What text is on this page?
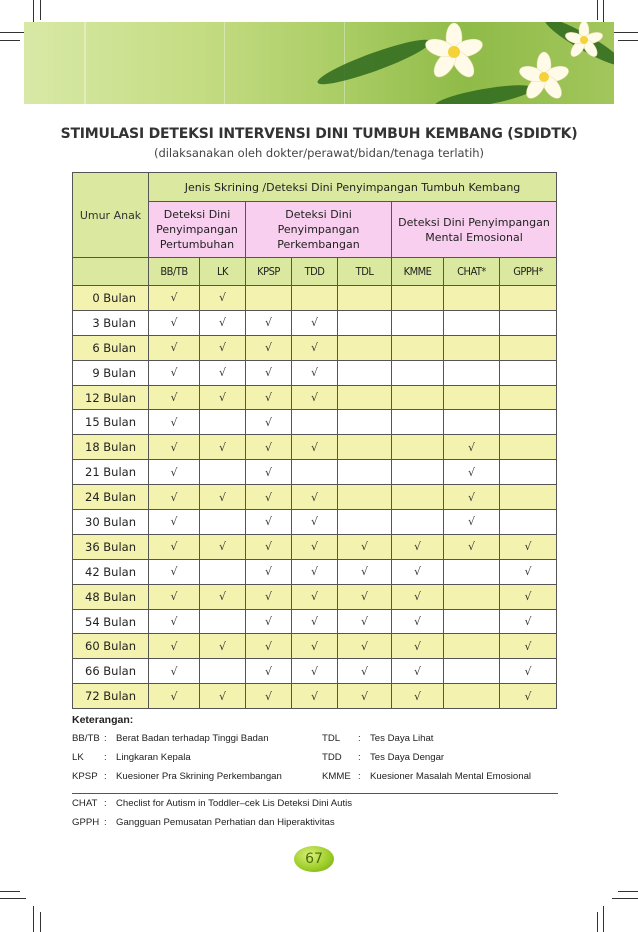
STIMULASI DETEKSI INTERVENSI DINI TUMBUH KEMBANG (SDIDTK)
(dilaksanakan oleh dokter/perawat/bidan/tenaga terlatih)
Umur Anak	Jenis Skrining /Deteksi Dini Penyimpangan Tumbuh Kembang							
	Deteksi Dini Penyimpangan Pertumbuhan		Deteksi Dini Penyimpangan Perkembangan			Deteksi Dini Penyimpangan Mental Emosional		
	BB/TB	LK	KPSP	TDD	TDL	KMME	CHAT*	GPPH*
0 Bulan	√	√						
3 Bulan	√	√	√	√				
6 Bulan	√	√	√	√				
9 Bulan	√	√	√	√				
12 Bulan	√	√	√	√				
15 Bulan	√		√					
18 Bulan	√	√	√	√			√	
21 Bulan	√		√				√	
24 Bulan	√	√	√	√			√	
30 Bulan	√		√	√			√	
36 Bulan	√	√	√	√	√	√	√	√
42 Bulan	√		√	√	√	√		√
48 Bulan	√	√	√	√	√	√		√
54 Bulan	√		√	√	√	√		√
60 Bulan	√	√	√	√	√	√		√
66 Bulan	√		√	√	√	√		√
72 Bulan	√	√	√	√	√	√		√
Keterangan:
BB/TB : Berat Badan terhadap Tinggi Badan	TDL : Tes Daya Lihat
LK : Lingkaran Kepala	TDD : Tes Daya Dengar
KPSP : Kuesioner Pra Skrining Perkembangan	KMME : Kuesioner Masalah Mental Emosional
CHAT : Checlist for Autism in Toddler–cek Lis Deteksi Dini Autis
GPPH : Gangguan Pemusatan Perhatian dan Hiperaktivitas
67
